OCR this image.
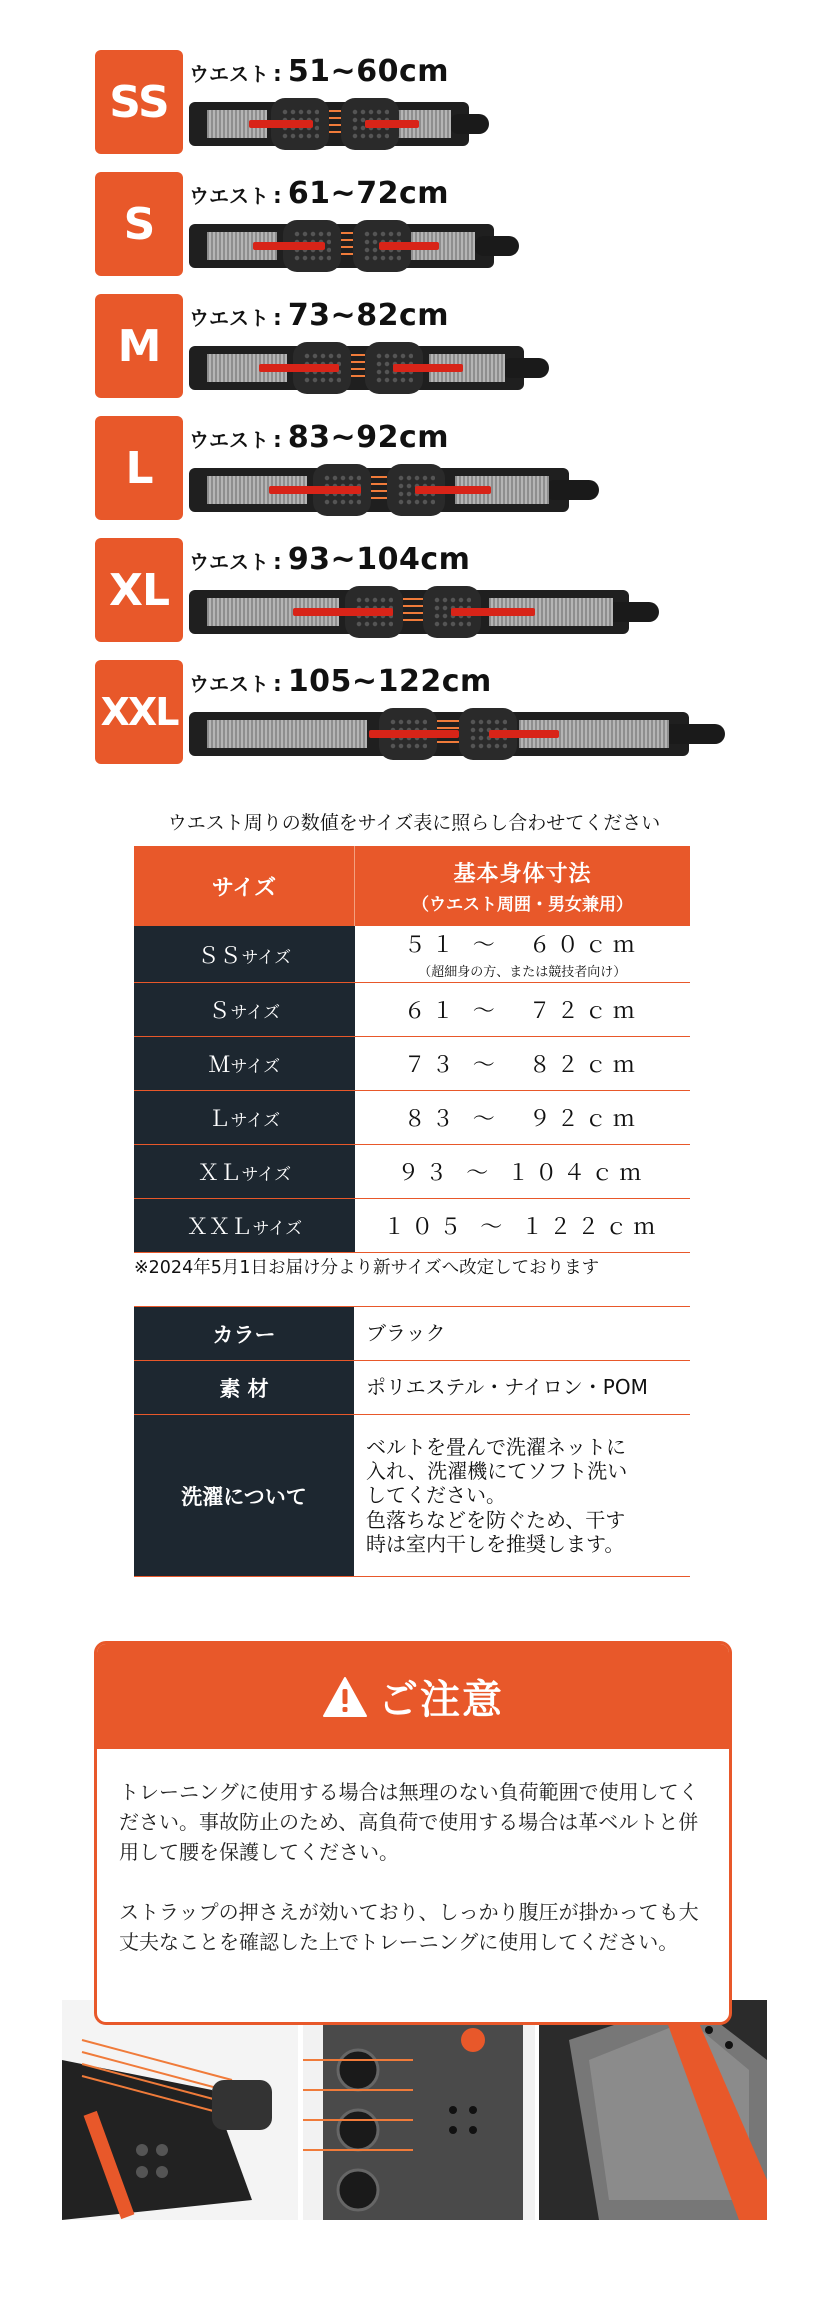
SS
ウエスト : 51~60cm
S
ウエスト : 61~72cm
M
ウエスト : 73~82cm
L
ウエスト : 83~92cm
XL
ウエスト : 93~104cm
XXL
ウエスト : 105~122cm
ウエスト周りの数値をサイズ表に照らし合わせてください
サイズ	基本身体寸法
（ウエスト周囲・男女兼用）

ＳＳサイズ	５１ ～　６０ｃｍ
（超細身の方、または競技者向け）

Ｓサイズ	６１ ～　７２ｃｍ
Ｍサイズ	７３ ～　８２ｃｍ
Ｌサイズ	８３ ～　９２ｃｍ
ＸＬサイズ	９３ ～ １０４ｃｍ
ＸＸＬサイズ	１０５ ～ １２２ｃｍ
※2024年5月1日お届け分より新サイズへ改定しております
カラー	ブラック
素 材	ポリエステル・ナイロン・POM
洗濯について	ベルトを畳んで洗濯ネットに
入れ、洗濯機にてソフト洗い
してください。
色落ちなどを防ぐため、干す
時は室内干しを推奨します。
ご注意

トレーニングに使用する場合は無理のない負荷範囲で使用してください。事故防止のため、高負荷で使用する場合は革ベルトと併用して腰を保護してください。

ストラップの押さえが効いており、しっかり腹圧が掛かっても大丈夫なことを確認した上でトレーニングに使用してください。
